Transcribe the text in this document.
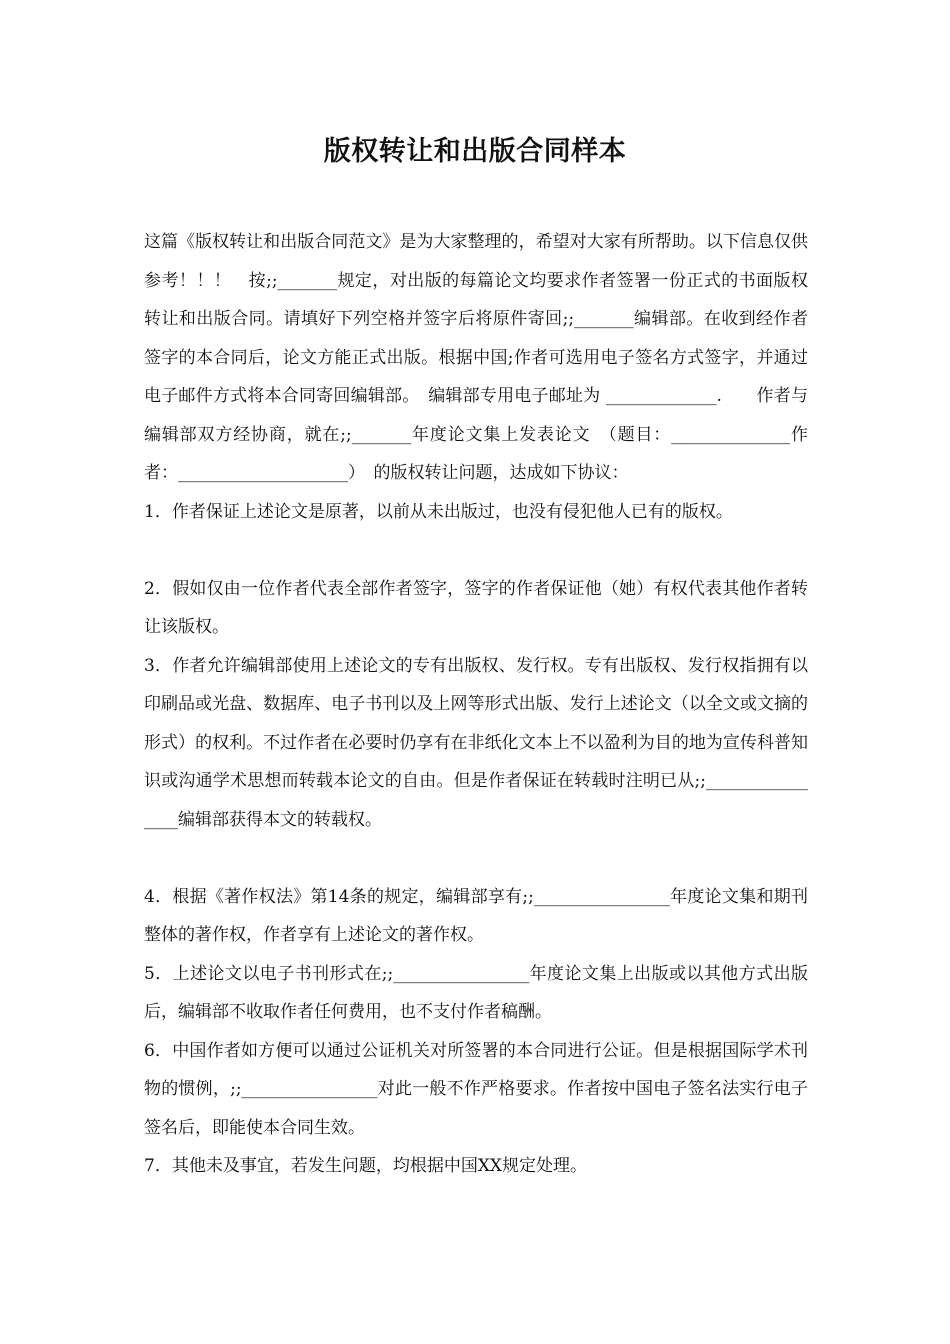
版权转让和出版合同样本

这篇《版权转让和出版合同范文》是为大家整理的，希望对大家有所帮助。以下信息仅供参考！！！　按;;_______规定，对出版的每篇论文均要求作者签署一份正式的书面版权转让和出版合同。请填好下列空格并签字后将原件寄回;;_______编辑部。在收到经作者签字的本合同后，论文方能正式出版。根据中国;作者可选用电子签名方式签字，并通过电子邮件方式将本合同寄回编辑部。　编辑部专用电子邮址为 _____________.　　作者与编辑部双方经协商，就在;;_______年度论文集上发表论文　（题目：______________作者：____________________）　的版权转让问题，达成如下协议：

1．作者保证上述论文是原著，以前从未出版过，也没有侵犯他人已有的版权。

2．假如仅由一位作者代表全部作者签字，签字的作者保证他（她）有权代表其他作者转让该版权。

3．作者允许编辑部使用上述论文的专有出版权、发行权。专有出版权、发行权指拥有以印刷品或光盘、数据库、电子书刊以及上网等形式出版、发行上述论文（以全文或文摘的形式）的权利。不过作者在必要时仍享有在非纸化文本上不以盈利为目的地为宣传科普知识或沟通学术思想而转载本论文的自由。但是作者保证在转载时注明已从;;________________编辑部获得本文的转载权。

4．根据《著作权法》第14条的规定，编辑部享有;;________________年度论文集和期刊整体的著作权，作者享有上述论文的著作权。

5．上述论文以电子书刊形式在;;________________年度论文集上出版或以其他方式出版后，编辑部不收取作者任何费用，也不支付作者稿酬。

6．中国作者如方便可以通过公证机关对所签署的本合同进行公证。但是根据国际学术刊物的惯例，;;________________对此一般不作严格要求。作者按中国电子签名法实行电子签名后，即能使本合同生效。

7．其他未及事宜，若发生问题，均根据中国XX规定处理。
